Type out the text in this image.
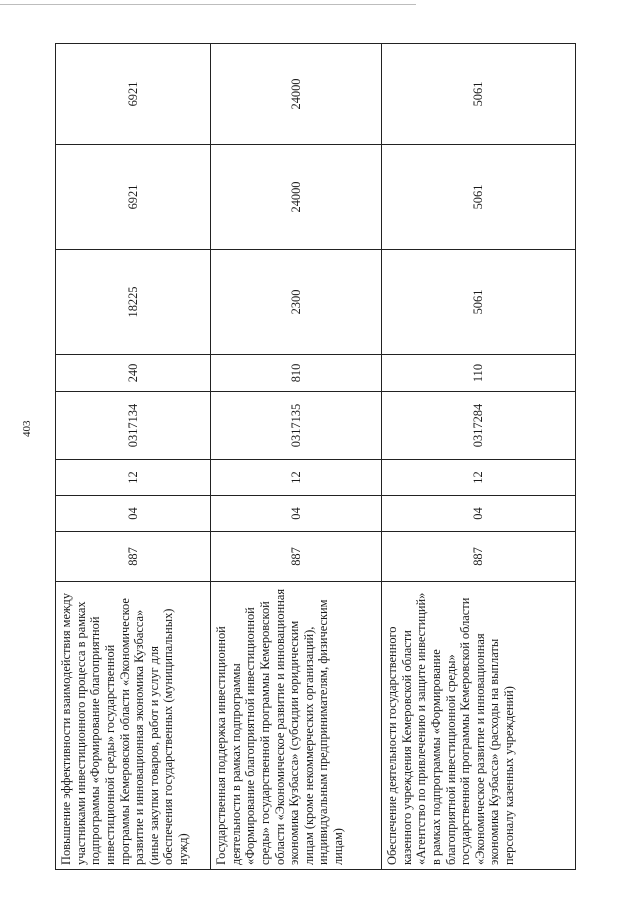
403
Повышение эффективности взаимодействия между участниками инвестиционного процесса в рамках подпрограммы «Формирование благоприятной инвестиционной среды» государственной программы Кемеровской области «Экономическое развитие и инновационная экономика Кузбасса» (иные закупки товаров, работ и услуг для обеспечения государственных (муниципальных) нужд)	887	04	12	0317134	240	18225	6921	6921
Государственная поддержка инвестиционной деятельности в рамках подпрограммы «Формирование благоприятной инвестиционной среды» государственной программы Кемеровской области «Экономическое развитие и инновационная экономика Кузбасса» (субсидии юридическим лицам (кроме некоммерческих организаций), индивидуальным предпринимателям, физическим лицам)	887	04	12	0317135	810	2300	24000	24000
Обеспечение деятельности государственного казенного учреждения Кемеровской области «Агентство по привлечению и защите инвестиций» в рамках подпрограммы «Формирование благоприятной инвестиционной среды» государственной программы Кемеровской области «Экономическое развитие и инновационная экономика Кузбасса» (расходы на выплаты персоналу казенных учреждений)	887	04	12	0317284	110	5061	5061	5061
